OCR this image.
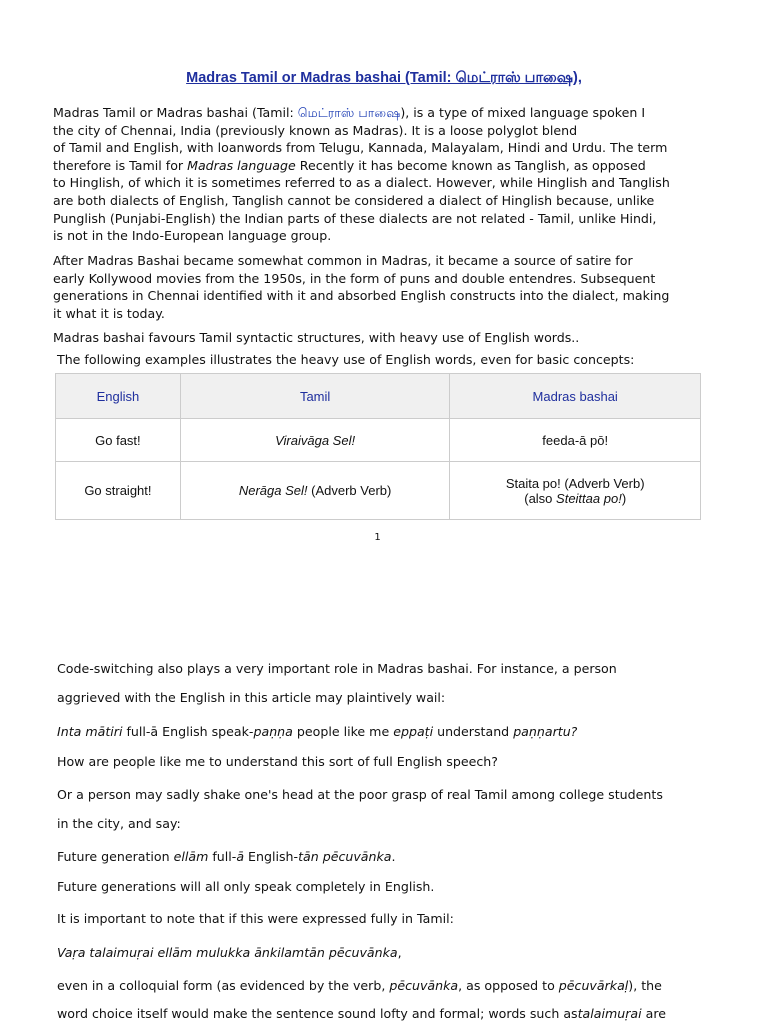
Madras Tamil or Madras bashai (Tamil: மெட்ராஸ் பாஷை),
Madras Tamil or Madras bashai (Tamil: மெட்ராஸ் பாஷை), is a type of mixed language spoken I
the city of Chennai, India (previously known as Madras). It is a loose polyglot blend
of Tamil and English, with loanwords from Telugu, Kannada, Malayalam, Hindi and Urdu. The term
therefore is Tamil for Madras language Recently it has become known as Tanglish, as opposed
to Hinglish, of which it is sometimes referred to as a dialect. However, while Hinglish and Tanglish
are both dialects of English, Tanglish cannot be considered a dialect of Hinglish because, unlike
Punglish (Punjabi-English) the Indian parts of these dialects are not related - Tamil, unlike Hindi,
is not in the Indo-European language group.
After Madras Bashai became somewhat common in Madras, it became a source of satire for
early Kollywood movies from the 1950s, in the form of puns and double entendres. Subsequent
generations in Chennai identified with it and absorbed English constructs into the dialect, making
it what it is today.
Madras bashai favours Tamil syntactic structures, with heavy use of English words..
The following examples illustrates the heavy use of English words, even for basic concepts:
English	Tamil	Madras bashai
Go fast!	Viraivāga Sel!	feeda-ā pō!
Go straight!	Nerāga Sel! (Adverb Verb)	Staita po! (Adverb Verb)
(also Steittaa po!)
1
Code-switching also plays a very important role in Madras bashai. For instance, a person
aggrieved with the English in this article may plaintively wail:
Inta mātiri full-ā English speak-paṇṇa people like me eppaṭi understand paṇṇartu?
How are people like me to understand this sort of full English speech?
Or a person may sadly shake one's head at the poor grasp of real Tamil among college students
in the city, and say:
Future generation ellām full-ā English-tān pēcuvānka.
Future generations will all only speak completely in English.
It is important to note that if this were expressed fully in Tamil:
Vaṛa talaimuṛai ellām mulukka ānkilamtān pēcuvānka,
even in a colloquial form (as evidenced by the verb, pēcuvānka, as opposed to pēcuvārkaḷ), the
word choice itself would make the sentence sound lofty and formal; words such astalaimuṛai are
